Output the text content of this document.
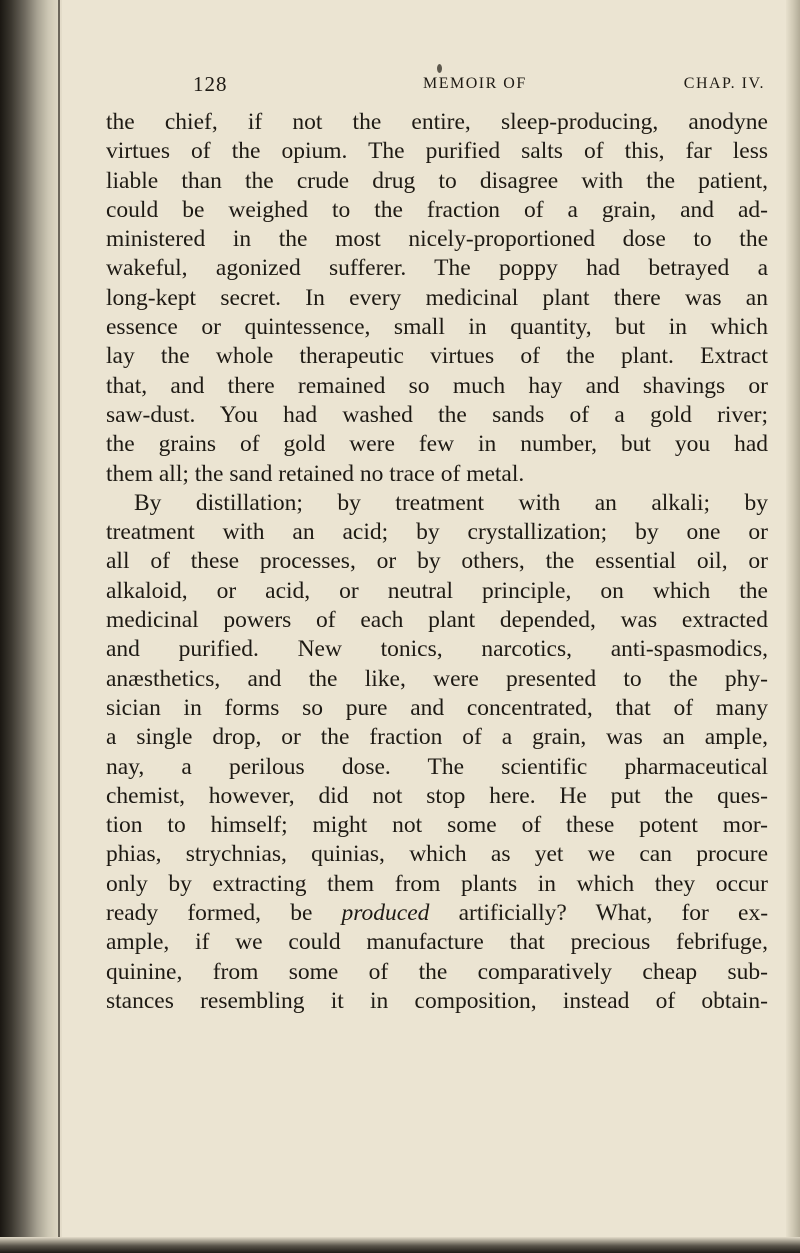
128	MEMOIR OF	CHAP. IV.
the chief, if not the entire, sleep-producing, anodyne
virtues of the opium. The purified salts of this, far less
liable than the crude drug to disagree with the patient,
could be weighed to the fraction of a grain, and ad-
ministered in the most nicely-proportioned dose to the
wakeful, agonized sufferer. The poppy had betrayed a
long-kept secret. In every medicinal plant there was an
essence or quintessence, small in quantity, but in which
lay the whole therapeutic virtues of the plant. Extract
that, and there remained so much hay and shavings or
saw-dust. You had washed the sands of a gold river;
the grains of gold were few in number, but you had
them all; the sand retained no trace of metal.
By distillation; by treatment with an alkali; by
treatment with an acid; by crystallization; by one or
all of these processes, or by others, the essential oil, or
alkaloid, or acid, or neutral principle, on which the
medicinal powers of each plant depended, was extracted
and purified. New tonics, narcotics, anti-spasmodics,
anæsthetics, and the like, were presented to the phy-
sician in forms so pure and concentrated, that of many
a single drop, or the fraction of a grain, was an ample,
nay, a perilous dose. The scientific pharmaceutical
chemist, however, did not stop here. He put the ques-
tion to himself; might not some of these potent mor-
phias, strychnias, quinias, which as yet we can procure
only by extracting them from plants in which they occur
ready formed, be produced artificially? What, for ex-
ample, if we could manufacture that precious febrifuge,
quinine, from some of the comparatively cheap sub-
stances resembling it in composition, instead of obtain-
